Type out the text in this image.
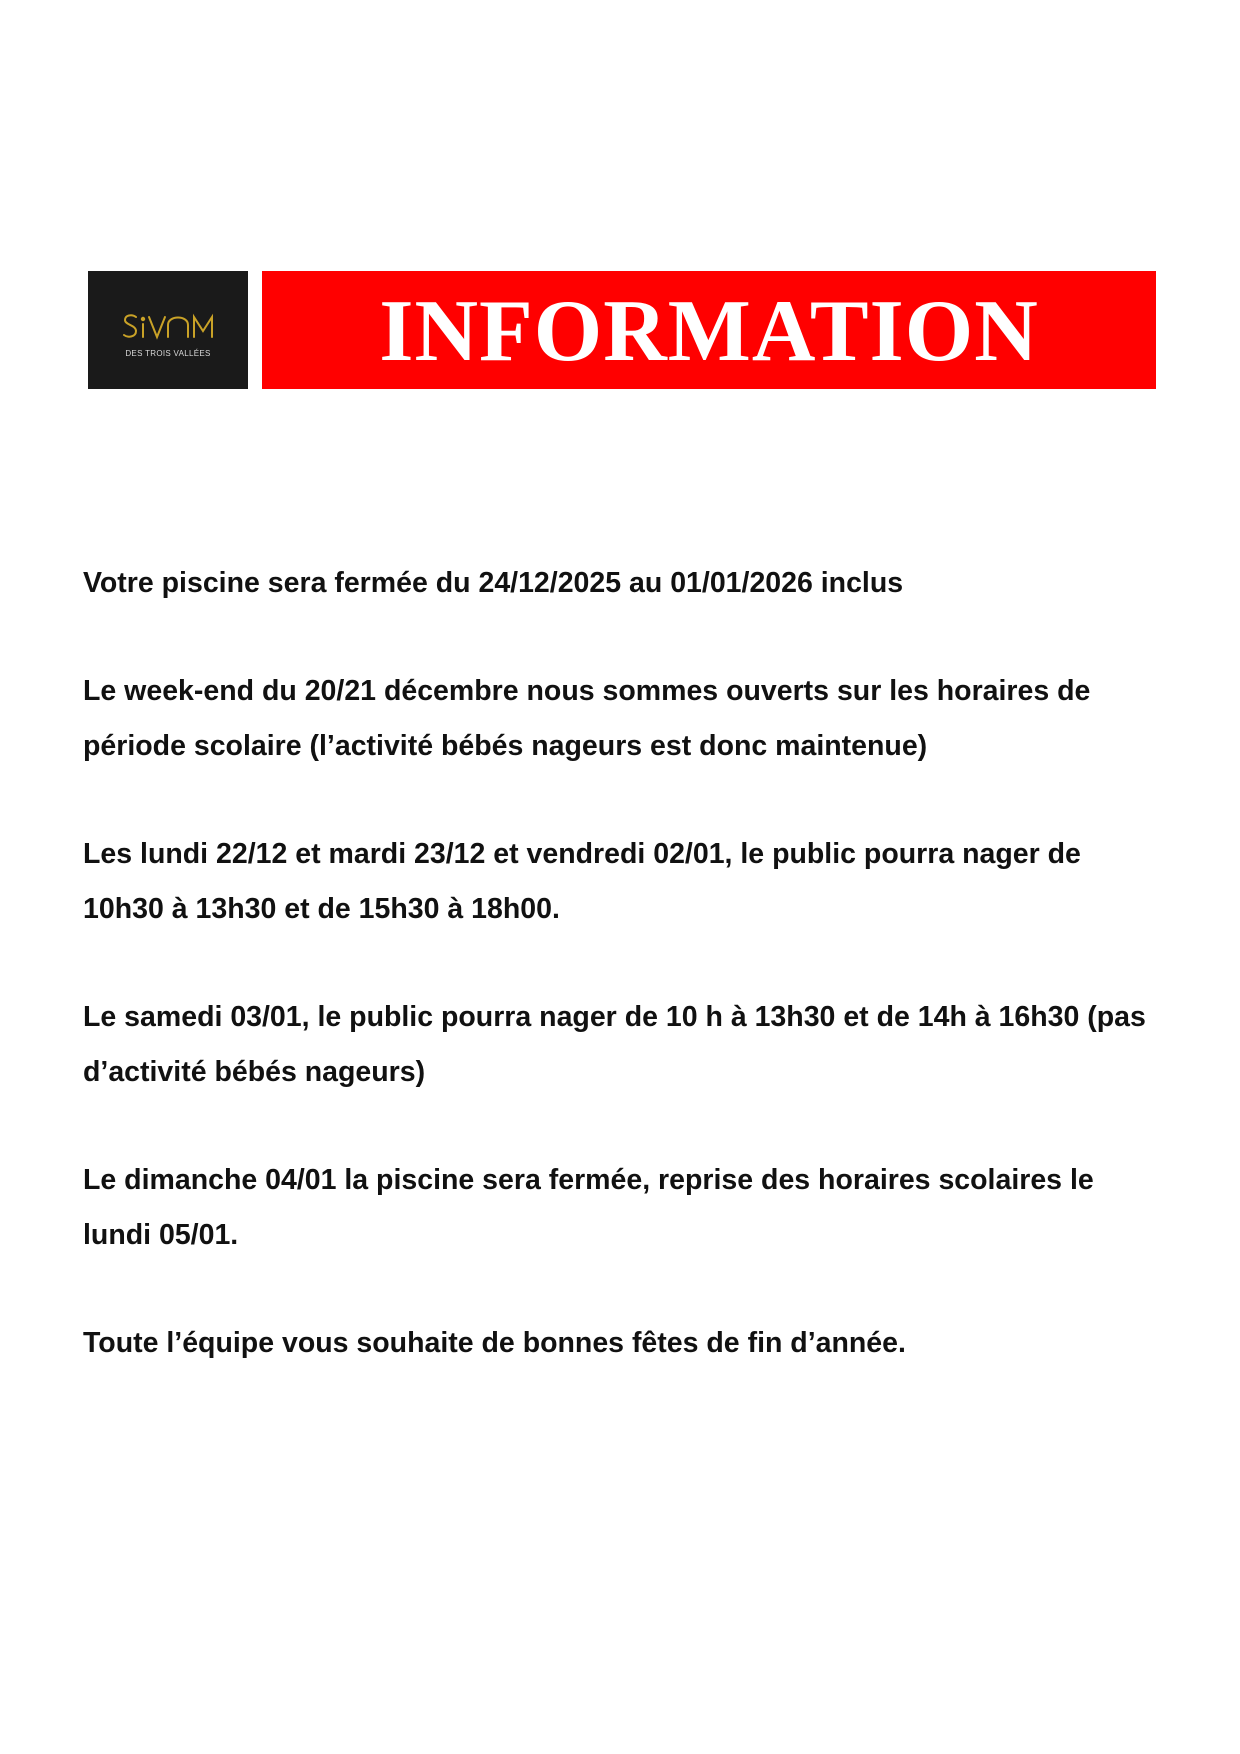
DES TROIS VALLÉES	INFORMATION

Votre piscine sera fermée du 24/12/2025 au 01/01/2026 inclus

Le week-end du 20/21 décembre nous sommes ouverts sur les horaires de période scolaire (l’activité bébés nageurs est donc maintenue)

Les lundi 22/12 et mardi 23/12 et vendredi 02/01, le public pourra nager de 10h30 à 13h30 et de 15h30 à 18h00.

Le samedi 03/01, le public pourra nager de 10 h à 13h30 et de 14h à 16h30 (pas d’activité bébés nageurs)

Le dimanche 04/01 la piscine sera fermée, reprise des horaires scolaires le lundi 05/01.

Toute l’équipe vous souhaite de bonnes fêtes de fin d’année.
